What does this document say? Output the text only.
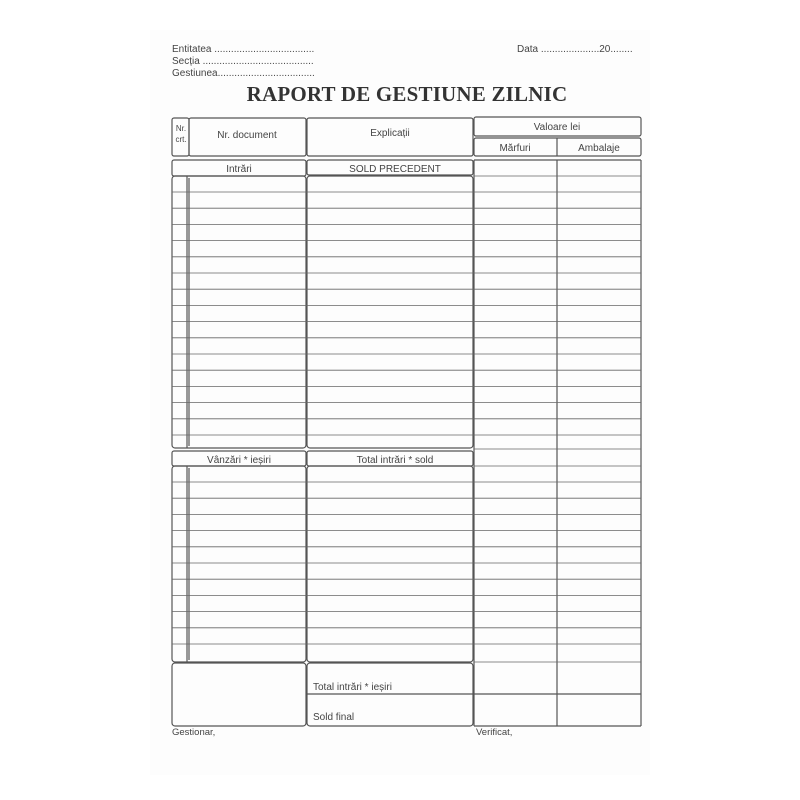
Entitatea ....................................
Secția ........................................
Gestiunea...................................
Data .....................20........
RAPORT DE GESTIUNE ZILNIC
Nr.
crt.	Nr. document	Explicații
Valoare lei
Mărfuri	Ambalaje
Intrări	SOLD PRECEDENT
Vânzări * ieșiri	Total intrări * sold
Total intrări * ieșiri
Sold final
Gestionar,	Verificat,
